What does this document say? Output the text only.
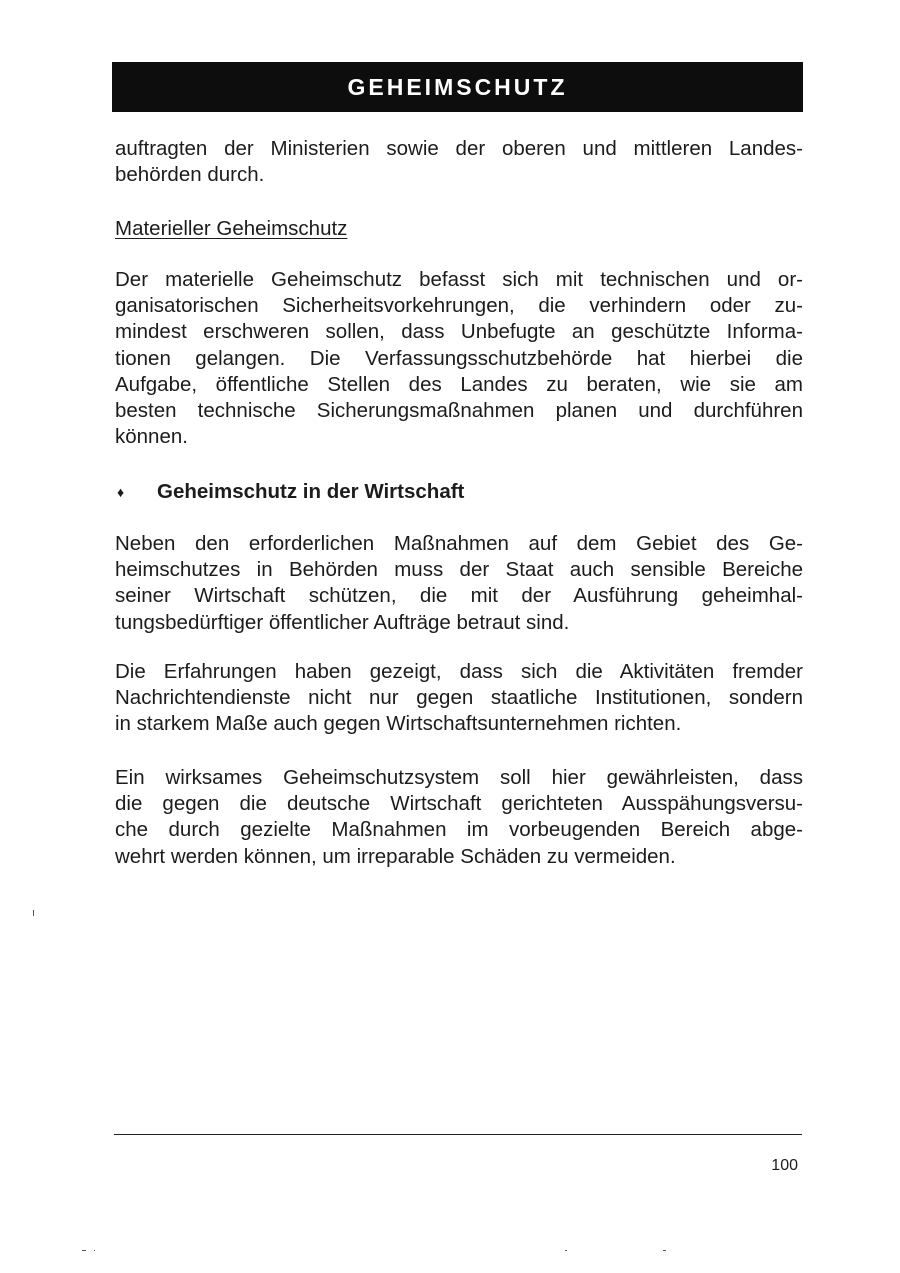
GEHEIMSCHUTZ
auftragten der Ministerien sowie der oberen und mittleren Landes-
behörden durch.
Materieller Geheimschutz
Der materielle Geheimschutz befasst sich mit technischen und or-
ganisatorischen Sicherheitsvorkehrungen, die verhindern oder zu-
mindest erschweren sollen, dass Unbefugte an geschützte Informa-
tionen gelangen. Die Verfassungsschutzbehörde hat hierbei die
Aufgabe, öffentliche Stellen des Landes zu beraten, wie sie am
besten technische Sicherungsmaßnahmen planen und durchführen
können.
♦	Geheimschutz in der Wirtschaft
Neben den erforderlichen Maßnahmen auf dem Gebiet des Ge-
heimschutzes in Behörden muss der Staat auch sensible Bereiche
seiner Wirtschaft schützen, die mit der Ausführung geheimhal-
tungsbedürftiger öffentlicher Aufträge betraut sind.
Die Erfahrungen haben gezeigt, dass sich die Aktivitäten fremder
Nachrichtendienste nicht nur gegen staatliche Institutionen, sondern
in starkem Maße auch gegen Wirtschaftsunternehmen richten.
Ein wirksames Geheimschutzsystem soll hier gewährleisten, dass
die gegen die deutsche Wirtschaft gerichteten Ausspähungsversu-
che durch gezielte Maßnahmen im vorbeugenden Bereich abge-
wehrt werden können, um irreparable Schäden zu vermeiden.
100
